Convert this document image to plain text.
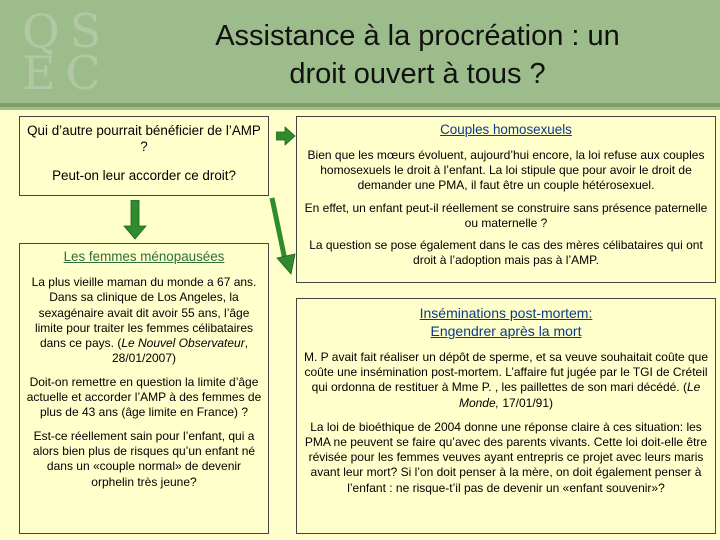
QS
EC
Assistance à la procréation : un
droit ouvert à tous ?

Qui d’autre pourrait bénéficier de l’AMP ?

Peut-on leur accorder ce droit?

Les femmes ménopausées

La plus vieille maman du monde a 67 ans. Dans sa clinique de Los Angeles, la sexagénaire avait dit avoir 55 ans, l’âge limite pour traiter les femmes célibataires dans ce pays. (Le Nouvel Observateur, 28/01/2007)

Doit-on remettre en question la limite d’âge actuelle et accorder l’AMP à des femmes de plus de 43 ans (âge limite en France) ?

Est-ce réellement sain pour l’enfant, qui a alors bien plus de risques qu’un enfant né dans un «couple normal» de devenir orphelin très jeune?

Couples homosexuels

Bien que les mœurs évoluent, aujourd’hui encore, la loi refuse aux couples homosexuels le droit à l’enfant. La loi stipule que pour avoir le droit de demander une PMA, il faut être un couple hétérosexuel.

En effet, un enfant peut-il réellement se construire sans présence paternelle ou maternelle ?

La question se pose également dans le cas des mères célibataires qui ont droit à l’adoption mais pas à l’AMP.

Inséminations post-mortem:
Engendrer après la mort

M. P avait fait réaliser un dépôt de sperme, et sa veuve souhaitait coûte que coûte une insémination post-mortem. L’affaire fut jugée par le TGI de Créteil qui ordonna de restituer à Mme P. , les paillettes de son mari décédé. (Le Monde, 17/01/91)

La loi de bioéthique de 2004 donne une réponse claire à ces situation: les PMA ne peuvent se faire qu’avec des parents vivants. Cette loi doit-elle être révisée pour les femmes veuves ayant entrepris ce projet avec leurs maris avant leur mort? Si l’on doit penser à la mère, on doit également penser à l’enfant : ne risque-t’il pas de devenir un «enfant souvenir»?
